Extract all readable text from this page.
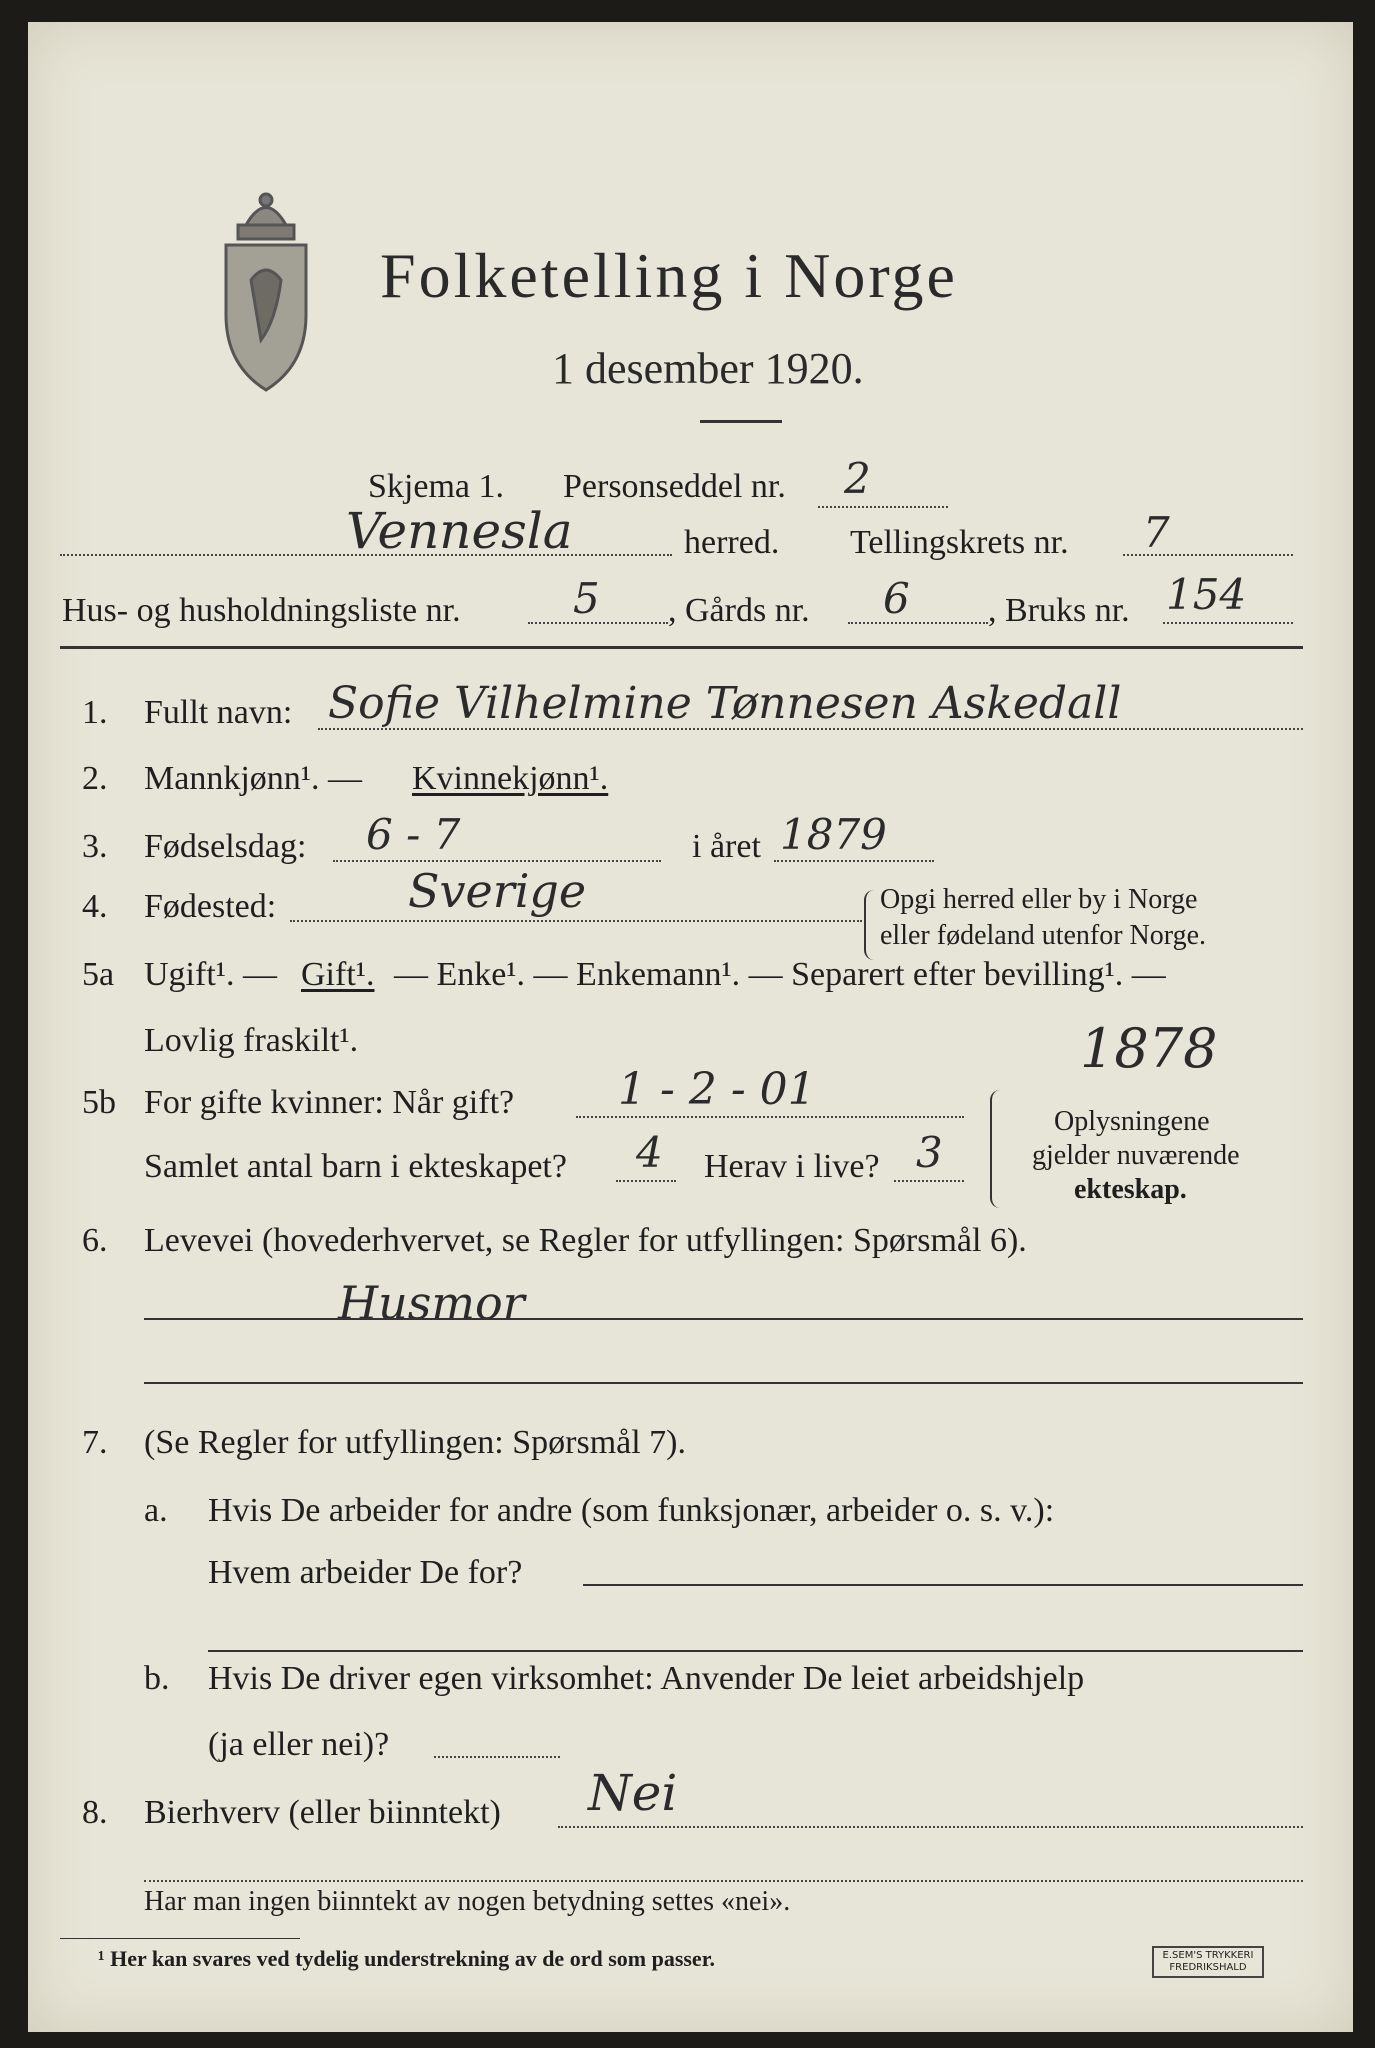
Folketelling i Norge
1 desember 1920.
Skjema 1. Personseddel nr. 2
Vennesla	herred. Tellingskrets nr. 7
Hus- og husholdningsliste nr.	5 , Gårds nr. 6 , Bruks nr. 154
1. Fullt navn: Sofie Vilhelmine Tønnesen Askedall
2. Mannkjønn¹. — Kvinnekjønn¹.
3. Fødselsdag: 6 - 7	i året 1879
4. Fødested:	Sverige	Opgi herred eller by i Norge
eller fødeland utenfor Norge.
5a Ugift¹. — Gift¹. — Enke¹. — Enkemann¹. — Separert efter bevilling¹. —
Lovlig fraskilt¹.	1878
5b For gifte kvinner: Når gift? 1 - 2 - 01
Samlet antal barn i ekteskapet? 4 Herav i live? 3
Oplysningene
gjelder nuværende
ekteskap.
6. Levevei (hovederhvervet, se Regler for utfyllingen: Spørsmål 6).
Husmor
7. (Se Regler for utfyllingen: Spørsmål 7).
a. Hvis De arbeider for andre (som funksjonær, arbeider o. s. v.):
Hvem arbeider De for?
b. Hvis De driver egen virksomhet: Anvender De leiet arbeidshjelp
(ja eller nei)?
8. Bierhverv (eller biinntekt) Nei
Har man ingen biinntekt av nogen betydning settes «nei».
¹ Her kan svares ved tydelig understrekning av de ord som passer.	E.SEM'S TRYKKERI FREDRIKSHALD
